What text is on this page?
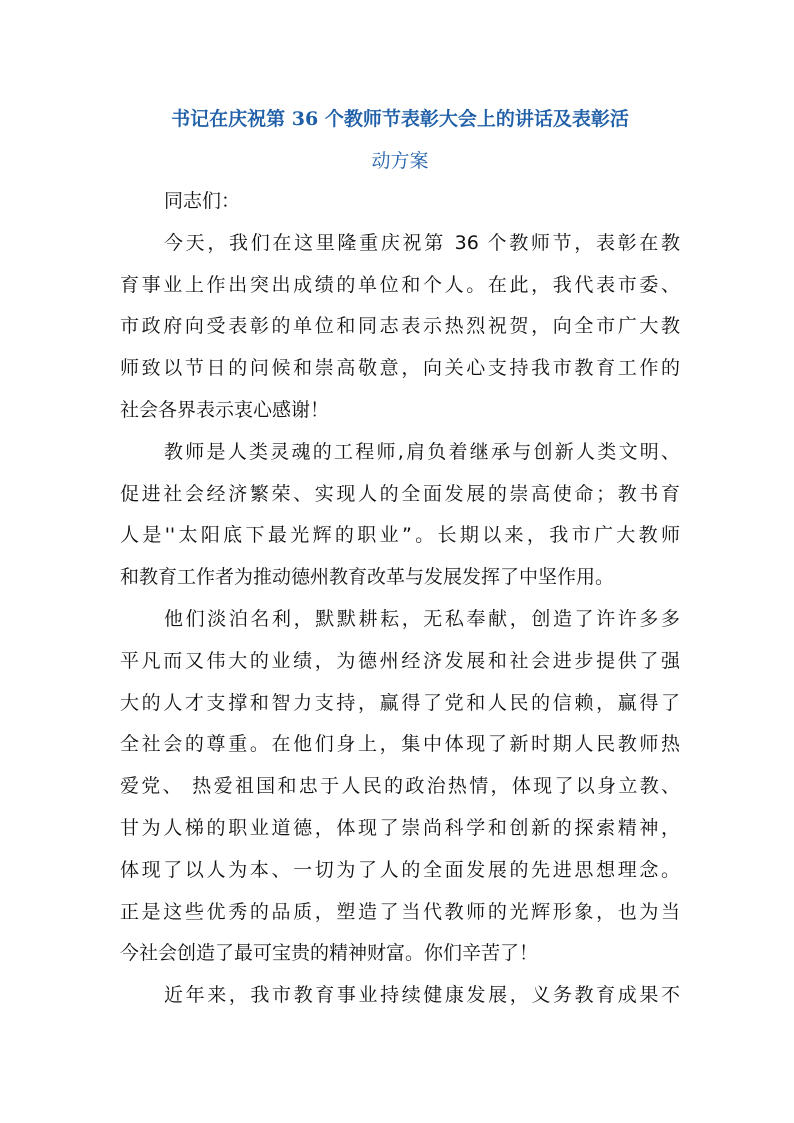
书记在庆祝第 36 个教师节表彰大会上的讲话及表彰活
动方案
同志们：
今天，我们在这里隆重庆祝第 36 个教师节，表彰在教
育事业上作出突出成绩的单位和个人。在此，我代表市委、
市政府向受表彰的单位和同志表示热烈祝贺，向全市广大教
师致以节日的问候和崇高敬意，向关心支持我市教育工作的
社会各界表示衷心感谢！
教师是人类灵魂的工程师,肩负着继承与创新人类文明、
促进社会经济繁荣、实现人的全面发展的崇高使命；教书育
人是''太阳底下最光辉的职业”。长期以来，我市广大教师
和教育工作者为推动德州教育改革与发展发挥了中坚作用。
他们淡泊名利，默默耕耘，无私奉献，创造了许许多多
平凡而又伟大的业绩，为德州经济发展和社会进步提供了强
大的人才支撑和智力支持，赢得了党和人民的信赖，赢得了
全社会的尊重。在他们身上，集中体现了新时期人民教师热
爱党、 热爱祖国和忠于人民的政治热情，体现了以身立教、
甘为人梯的职业道德，体现了崇尚科学和创新的探索精神，
体现了以人为本、一切为了人的全面发展的先进思想理念。
正是这些优秀的品质，塑造了当代教师的光辉形象，也为当
今社会创造了最可宝贵的精神财富。你们辛苦了！
近年来，我市教育事业持续健康发展，义务教育成果不
